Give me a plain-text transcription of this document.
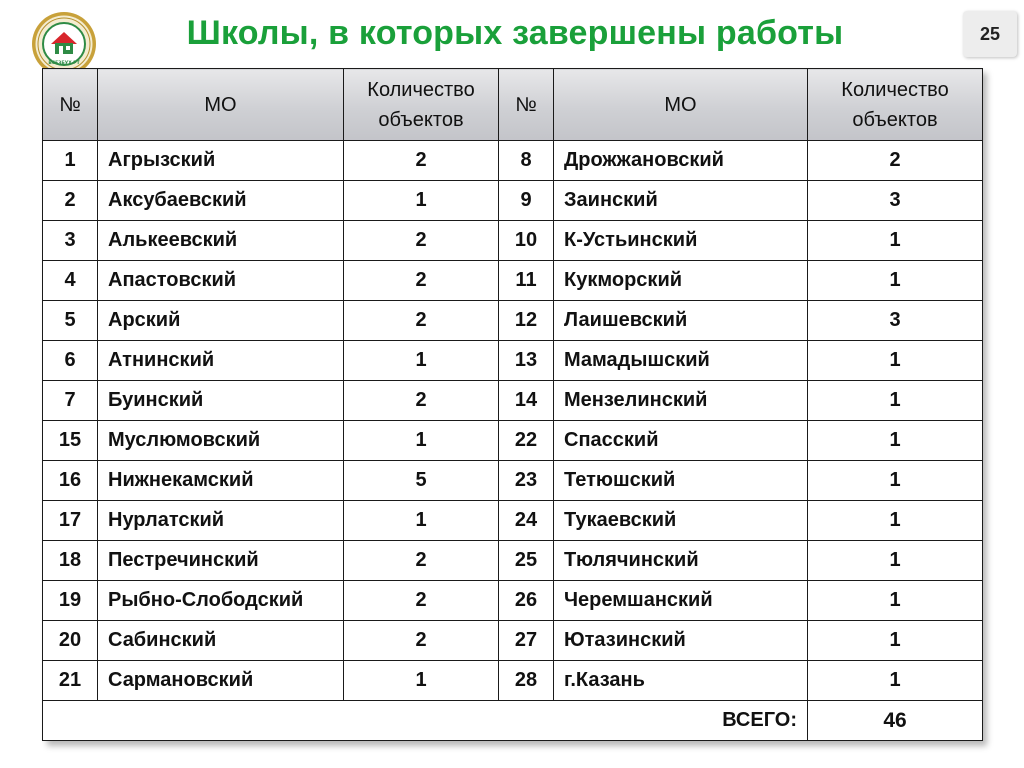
ВСЕЗБУХ РТ
Школы, в которых завершены работы	25
№	МО	Количество объектов	№	МО	Количество объектов
1	Агрызский	2	8	Дрожжановский	2
2	Аксубаевский	1	9	Заинский	3
3	Алькеевский	2	10	К-Устьинский	1
4	Апастовский	2	11	Кукморский	1
5	Арский	2	12	Лаишевский	3
6	Атнинский	1	13	Мамадышский	1
7	Буинский	2	14	Мензелинский	1
15	Муслюмовский	1	22	Спасский	1
16	Нижнекамский	5	23	Тетюшский	1
17	Нурлатский	1	24	Тукаевский	1
18	Пестречинский	2	25	Тюлячинский	1
19	Рыбно-Слободский	2	26	Черемшанский	1
20	Сабинский	2	27	Ютазинский	1
21	Сармановский	1	28	г.Казань	1
ВСЕГО:					46
